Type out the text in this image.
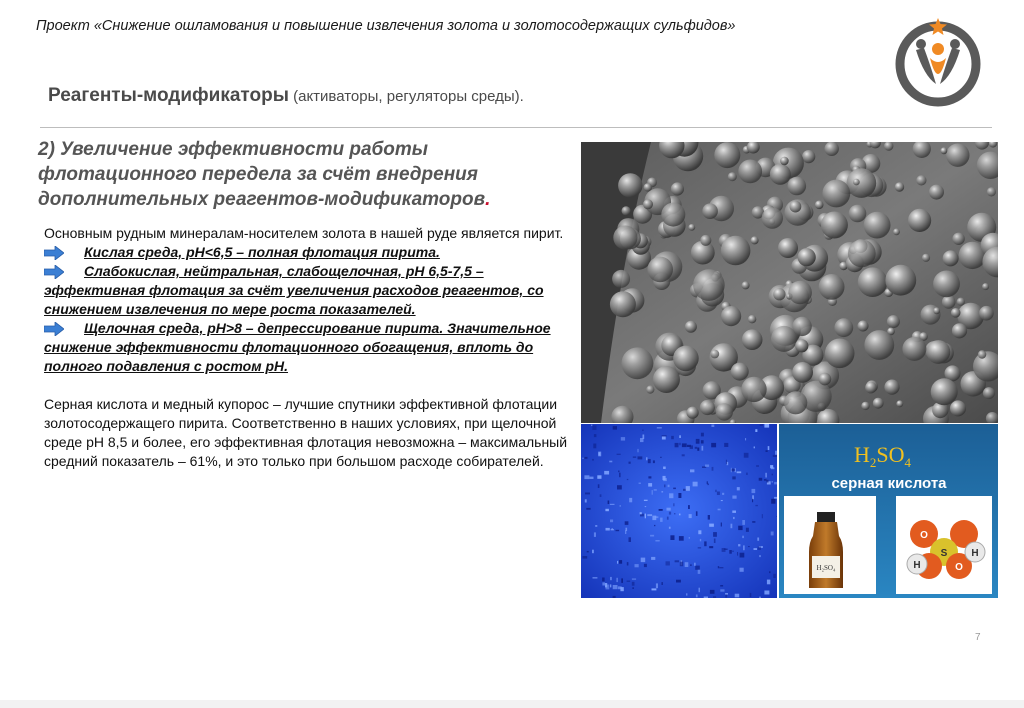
Проект «Снижение ошламования и повышение извлечения золота и золотосодержащих сульфидов»
Реагенты-модификаторы (активаторы, регуляторы среды).
2) Увеличение эффективности работы флотационного передела за счёт внедрения дополнительных реагентов-модификаторов.

Основным рудным минералам-носителем золота в нашей руде является пирит.

Кислая среда, pH<6,5 – полная флотация пирита.

Слабокислая, нейтральная, слабощелочная, pH 6,5-7,5 – эффективная флотация за счёт увеличения расходов реагентов, со снижением извлечения по мере роста показателей.

Щелочная среда, pH>8 – депрессирование пирита. Значительное снижение эффективности флотационного обогащения, вплоть до полного подавления с ростом pH.

Серная кислота и медный купорос – лучшие спутники эффективной флотации золотосодержащего пирита. Соответственно в наших условиях, при щелочной среде pH 8,5 и более, его эффективная флотация невозможна – максимальный средний показатель – 61%, и это только при большом расходе собирателей.

H₂SO₄
O
S
O
H
H
$H_2SO_4$
серная кислота
7
